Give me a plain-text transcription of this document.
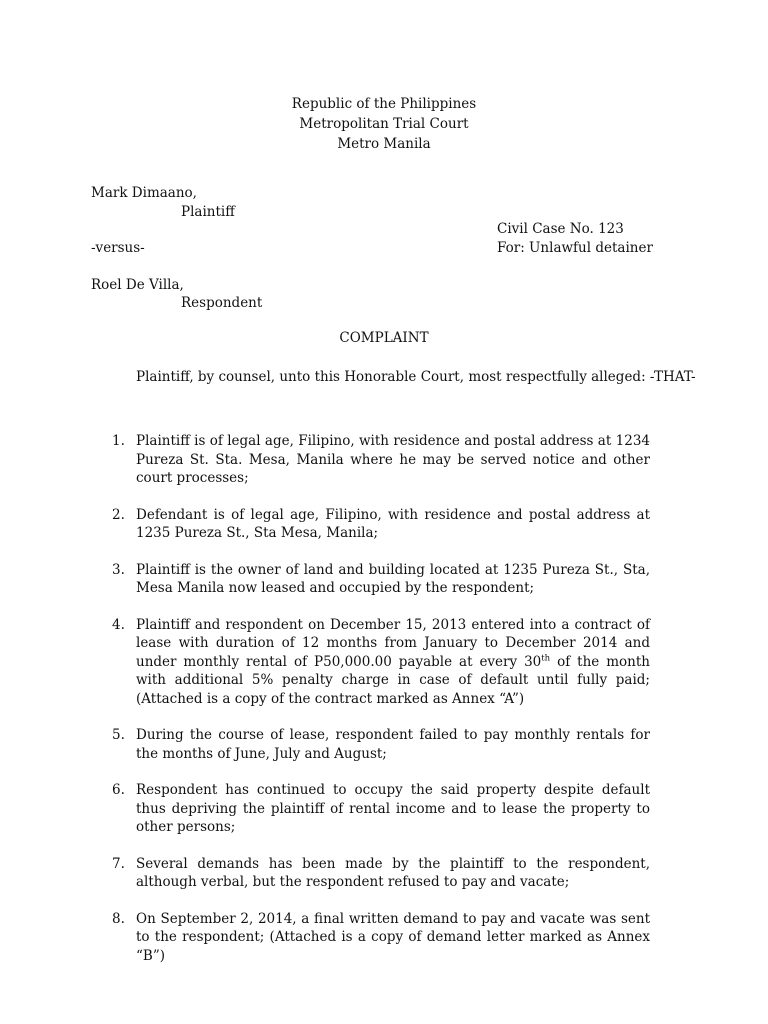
Republic of the Philippines
Metropolitan Trial Court
Metro Manila
Mark Dimaano,
Plaintiff
-versus-
Roel De Villa,
Respondent
Civil Case No. 123
For: Unlawful detainer
COMPLAINT
Plaintiff, by counsel, unto this Honorable Court, most respectfully alleged: -THAT-
1. Plaintiff is of legal age, Filipino, with residence and postal address at 1234 Pureza St. Sta. Mesa, Manila where he may be served notice and other court processes;
2. Defendant is of legal age, Filipino, with residence and postal address at 1235 Pureza St., Sta Mesa, Manila;
3. Plaintiff is the owner of land and building located at 1235 Pureza St., Sta, Mesa Manila now leased and occupied by the respondent;
4. Plaintiff and respondent on December 15, 2013 entered into a contract of lease with duration of 12 months from January to December 2014 and under monthly rental of P50,000.00 payable at every 30th of the month with additional 5% penalty charge in case of default until fully paid; (Attached is a copy of the contract marked as Annex “A”)
5. During the course of lease, respondent failed to pay monthly rentals for the months of June, July and August;
6. Respondent has continued to occupy the said property despite default thus depriving the plaintiff of rental income and to lease the property to other persons;
7. Several demands has been made by the plaintiff to the respondent, although verbal, but the respondent refused to pay and vacate;
8. On September 2, 2014, a final written demand to pay and vacate was sent to the respondent; (Attached is a copy of demand letter marked as Annex “B”)
